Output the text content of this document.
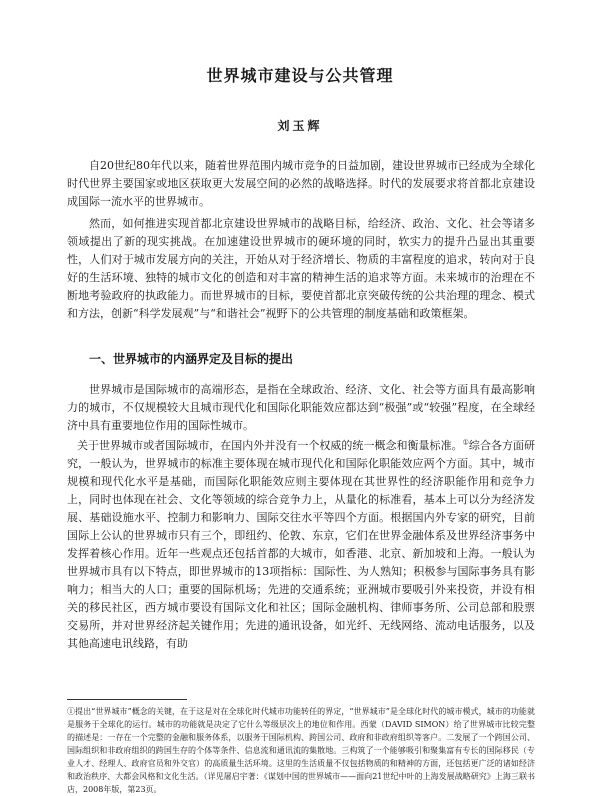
世界城市建设与公共管理
刘玉辉

自20世纪80年代以来，随着世界范围内城市竞争的日益加剧，建设世界城市已经成为全球化时代世界主要国家或地区获取更大发展空间的必然的战略选择。时代的发展要求将首都北京建设成国际一流水平的世界城市。

然而，如何推进实现首都北京建设世界城市的战略目标，给经济、政治、文化、社会等诸多领域提出了新的现实挑战。在加速建设世界城市的硬环境的同时，软实力的提升凸显出其重要性，人们对于城市发展方向的关注，开始从对于经济增长、物质的丰富程度的追求，转向对于良好的生活环境、独特的城市文化的创造和对丰富的精神生活的追求等方面。未来城市的治理在不断地考验政府的执政能力。而世界城市的目标，要使首都北京突破传统的公共治理的理念、模式和方法，创新“科学发展观”与“和谐社会”视野下的公共管理的制度基础和政策框架。

一、世界城市的内涵界定及目标的提出

世界城市是国际城市的高端形态，是指在全球政治、经济、文化、社会等方面具有最高影响力的城市，不仅规模较大且城市现代化和国际化职能效应都达到“极强”或“较强”程度，在全球经济中具有重要地位作用的国际性城市。

关于世界城市或者国际城市，在国内外并没有一个权威的统一概念和衡量标准。①综合各方面研究，一般认为，世界城市的标准主要体现在城市现代化和国际化职能效应两个方面。其中，城市规模和现代化水平是基础，而国际化职能效应则主要体现在其世界性的经济职能作用和竞争力上，同时也体现在社会、文化等领域的综合竞争力上，从量化的标准看，基本上可以分为经济发展、基础设施水平、控制力和影响力、国际交往水平等四个方面。根据国内外专家的研究，目前国际上公认的世界城市只有三个，即纽约、伦敦、东京，它们在世界金融体系及世界经济事务中发挥着核心作用。近年一些观点还包括首都的大城市，如香港、北京、新加坡和上海。一般认为世界城市具有以下特点，即世界城市的13项指标：国际性、为人熟知；积极参与国际事务具有影响力；相当大的人口；重要的国际机场；先进的交通系统；亚洲城市要吸引外来投资，并设有相关的移民社区，西方城市要设有国际文化和社区；国际金融机构、律师事务所、公司总部和股票交易所，并对世界经济起关键作用；先进的通讯设备，如光纤、无线网络、流动电话服务，以及其他高速电讯线路，有助

①提出“世界城市”概念的关键，在于这是对在全球化时代城市功能转任的界定，“世界城市”是全球化时代的城市模式，城市的功能就是服务于全球化的运行。城市的功能就是决定了它什么等级层次上的地位和作用。西蒙（DAVID SIMON）给了世界城市比较完整的描述是：一存在一个完整的金融和服务体系，以服务于国际机构、跨国公司、政府和非政府组织等客户。二发展了一个跨国公司、国际组织和非政府组织的跨国生存的个体等条件、信息流和通讯流的集散地。三构筑了一个能够吸引和聚集富有专长的国际移民（专业人才、经理人、政府官员和外交官）的高质量生活环境。这里的生活质量不仅包括物质的和精神的方面，还包括更广泛的诸如经济和政治秩序、大都会风格和文化生活。（详见屠启宇著：《谋划中国的世界城市——面向21世纪中叶的上海发展战略研究》上海三联书店，2008年版，第23页。
